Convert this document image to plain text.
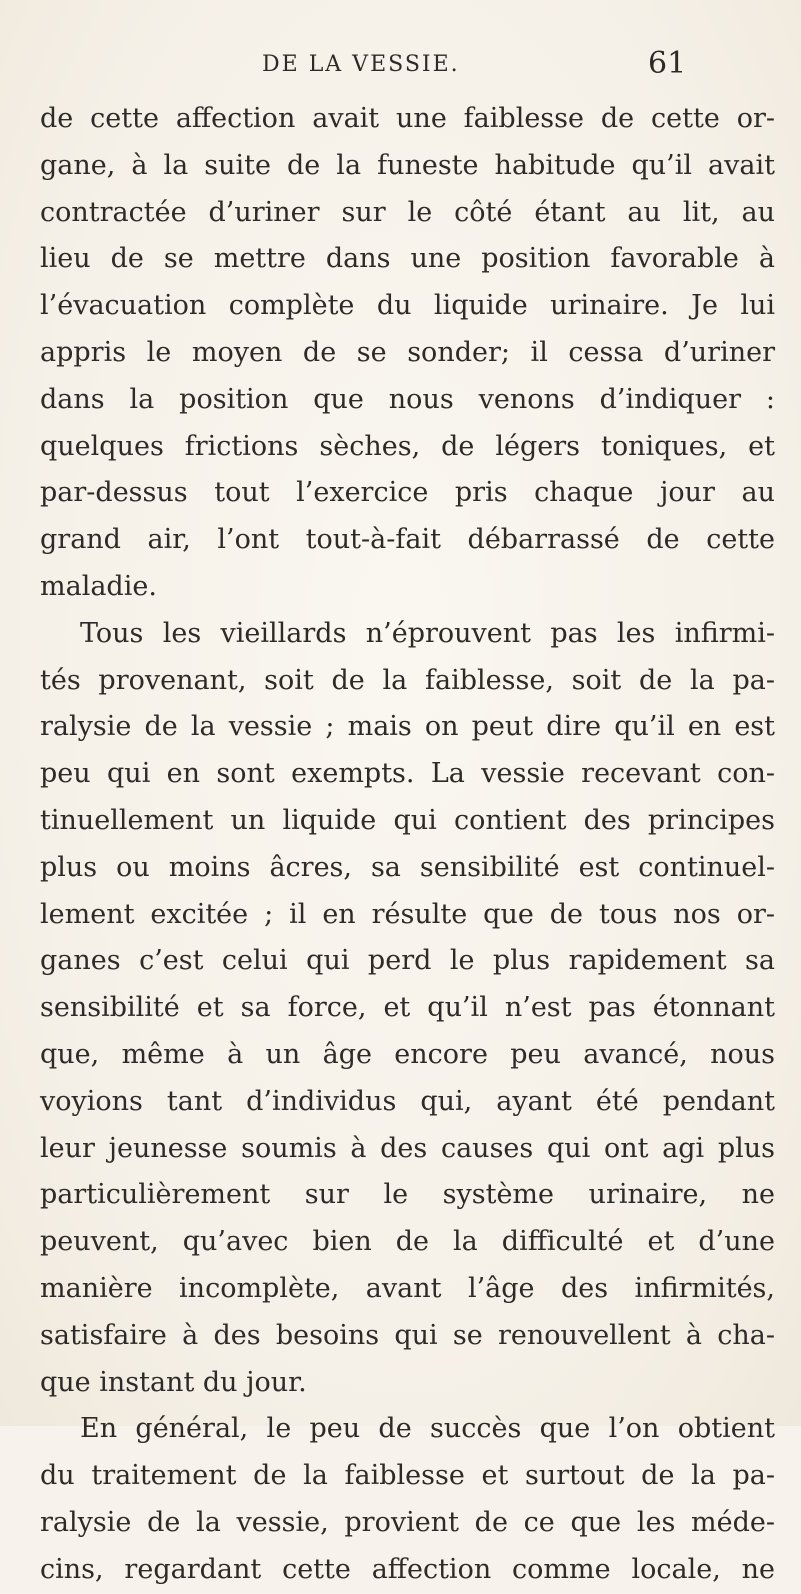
DE LA VESSIE.	61
de cette affection avait une faiblesse de cette or-
gane, à la suite de la funeste habitude qu’il avait
contractée d’uriner sur le côté étant au lit, au
lieu de se mettre dans une position favorable à
l’évacuation complète du liquide urinaire. Je lui
appris le moyen de se sonder; il cessa d’uriner
dans la position que nous venons d’indiquer :
quelques frictions sèches, de légers toniques, et
par-dessus tout l’exercice pris chaque jour au
grand air, l’ont tout-à-fait débarrassé de cette
maladie.
Tous les vieillards n’éprouvent pas les infirmi-
tés provenant, soit de la faiblesse, soit de la pa-
ralysie de la vessie ; mais on peut dire qu’il en est
peu qui en sont exempts. La vessie recevant con-
tinuellement un liquide qui contient des principes
plus ou moins âcres, sa sensibilité est continuel-
lement excitée ; il en résulte que de tous nos or-
ganes c’est celui qui perd le plus rapidement sa
sensibilité et sa force, et qu’il n’est pas étonnant
que, même à un âge encore peu avancé, nous
voyions tant d’individus qui, ayant été pendant
leur jeunesse soumis à des causes qui ont agi plus
particulièrement sur le système urinaire, ne
peuvent, qu’avec bien de la difficulté et d’une
manière incomplète, avant l’âge des infirmités,
satisfaire à des besoins qui se renouvellent à cha-
que instant du jour.
En général, le peu de succès que l’on obtient
du traitement de la faiblesse et surtout de la pa-
ralysie de la vessie, provient de ce que les méde-
cins, regardant cette affection comme locale, ne
